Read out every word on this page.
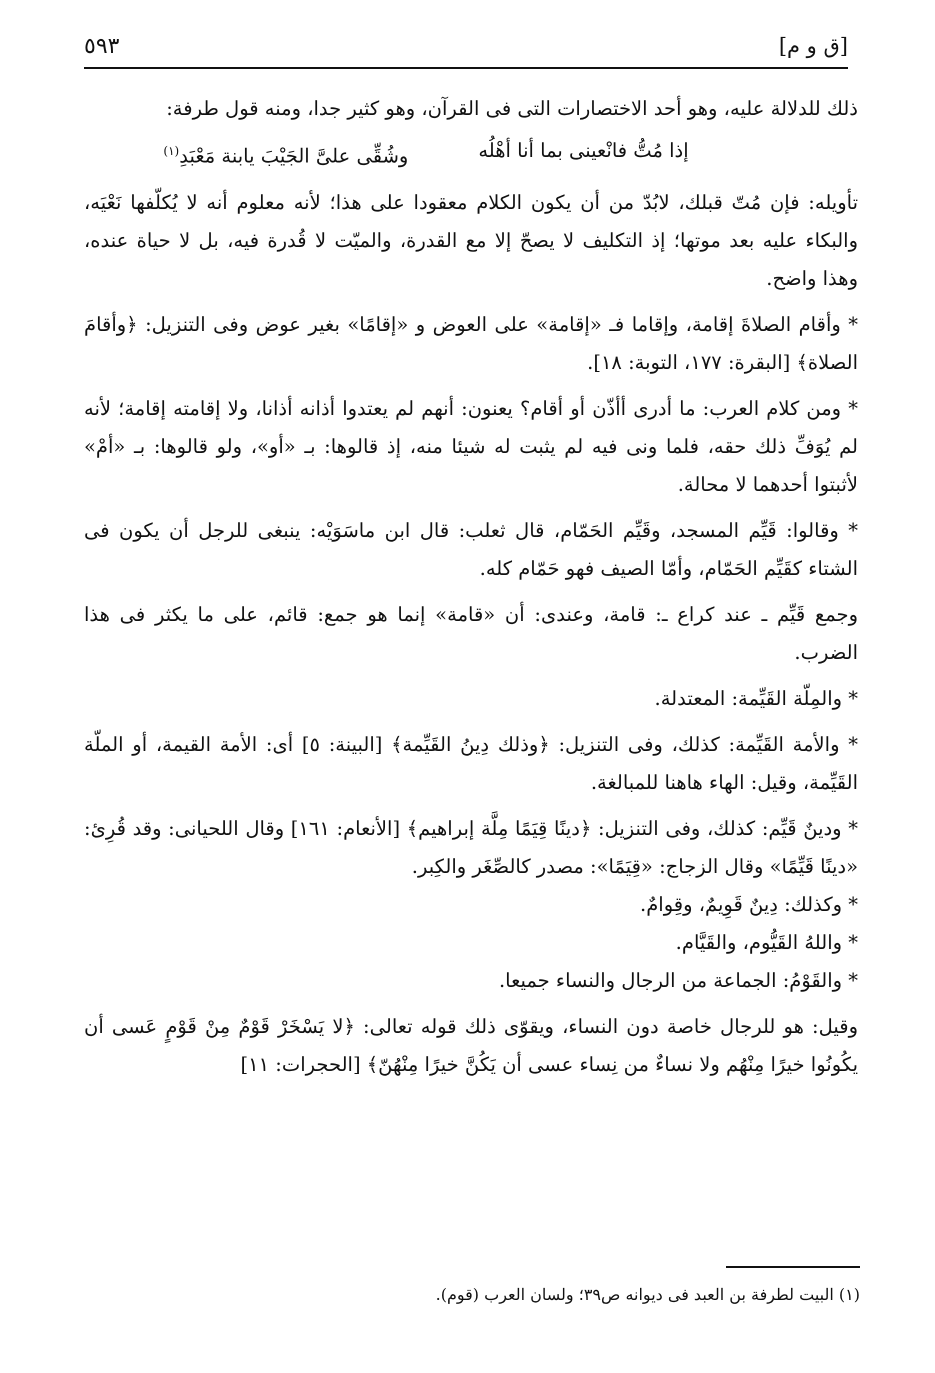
[ق و م]
٥٩٣

ذلك للدلالة عليه، وهو أحد الاختصارات التى فى القرآن، وهو كثير جدا، ومنه قول طرفة:

إذا مُتُّ فانْعينى بما أنا أهْلُه
وشُقِّى علىَّ الجَيْبَ يابنة مَعْبَدِ$^{(١)}$

تأويله: فإن مُتّ قبلك، لابُدّ من أن يكون الكلام معقودا على هذا؛ لأنه معلوم أنه لا يُكلّفها نَعْيَه، والبكاء عليه بعد موتها؛ إذ التكليف لا يصحّ إلا مع القدرة، والميّت لا قُدرة فيه، بل لا حياة عنده، وهذا واضح.

* وأقام الصلاةَ إقامة، وإقاما فـ «إقامة» على العوض و «إقامًا» بغير عوض وفى التنزيل: ﴿وأقامَ الصلاة﴾ [البقرة: ١٧٧، التوبة: ١٨].

* ومن كلام العرب: ما أدرى أأذّن أو أقام؟ يعنون: أنهم لم يعتدوا أذانه أذانا، ولا إقامته إقامة؛ لأنه لم يُوَفِّ ذلك حقه، فلما ونى فيه لم يثبت له شيئا منه، إذ قالوها: بـ «أو»، ولو قالوها: بـ «أمْ» لأثبتوا أحدهما لا محالة.

* وقالوا: قَيِّم المسجد، وقَيِّم الحَمّام، قال ثعلب: قال ابن ماسَوَيْه: ينبغى للرجل أن يكون فى الشتاء كقَيِّم الحَمّام، وأمّا الصيف فهو حَمّام كله.

وجمع قَيِّم ـ عند كراع ـ: قامة، وعندى: أن «قامة» إنما هو جمع: قائم، على ما يكثر فى هذا الضرب.

* والمِلّة القَيِّمة: المعتدلة.

* والأمة القَيِّمة: كذلك، وفى التنزيل: ﴿وذلك دِينُ القَيِّمة﴾ [البينة: ٥] أى: الأمة القيمة، أو الملّة القَيِّمة، وقيل: الهاء هاهنا للمبالغة.

* ودينٌ قَيِّم: كذلك، وفى التنزيل: ﴿دينًا قِيَمًا مِلَّة إبراهيم﴾ [الأنعام: ١٦١] وقال اللحيانى: وقد قُرِئ: «دينًا قَيِّمًا» وقال الزجاج: «قِيَمًا»: مصدر كالصِّغَر والكِبر.

* وكذلك: دِينٌ قَوِيمٌ، وقِوامٌ.

* واللهُ القَيُّوم، والقَيَّام.

* والقَوْمُ: الجماعة من الرجال والنساء جميعا.

وقيل: هو للرجال خاصة دون النساء، ويقوّى ذلك قوله تعالى: ﴿لا يَسْخَرْ قَوْمٌ مِنْ قَوْمٍ عَسى أن يكُونُوا خيرًا مِنْهُم ولا نساءٌ من نِساء عسى أن يَكُنَّ خيرًا مِنْهُنّ﴾ [الحجرات: ١١]

(١) البيت لطرفة بن العبد فى ديوانه ص٣٩؛ ولسان العرب (قوم).
